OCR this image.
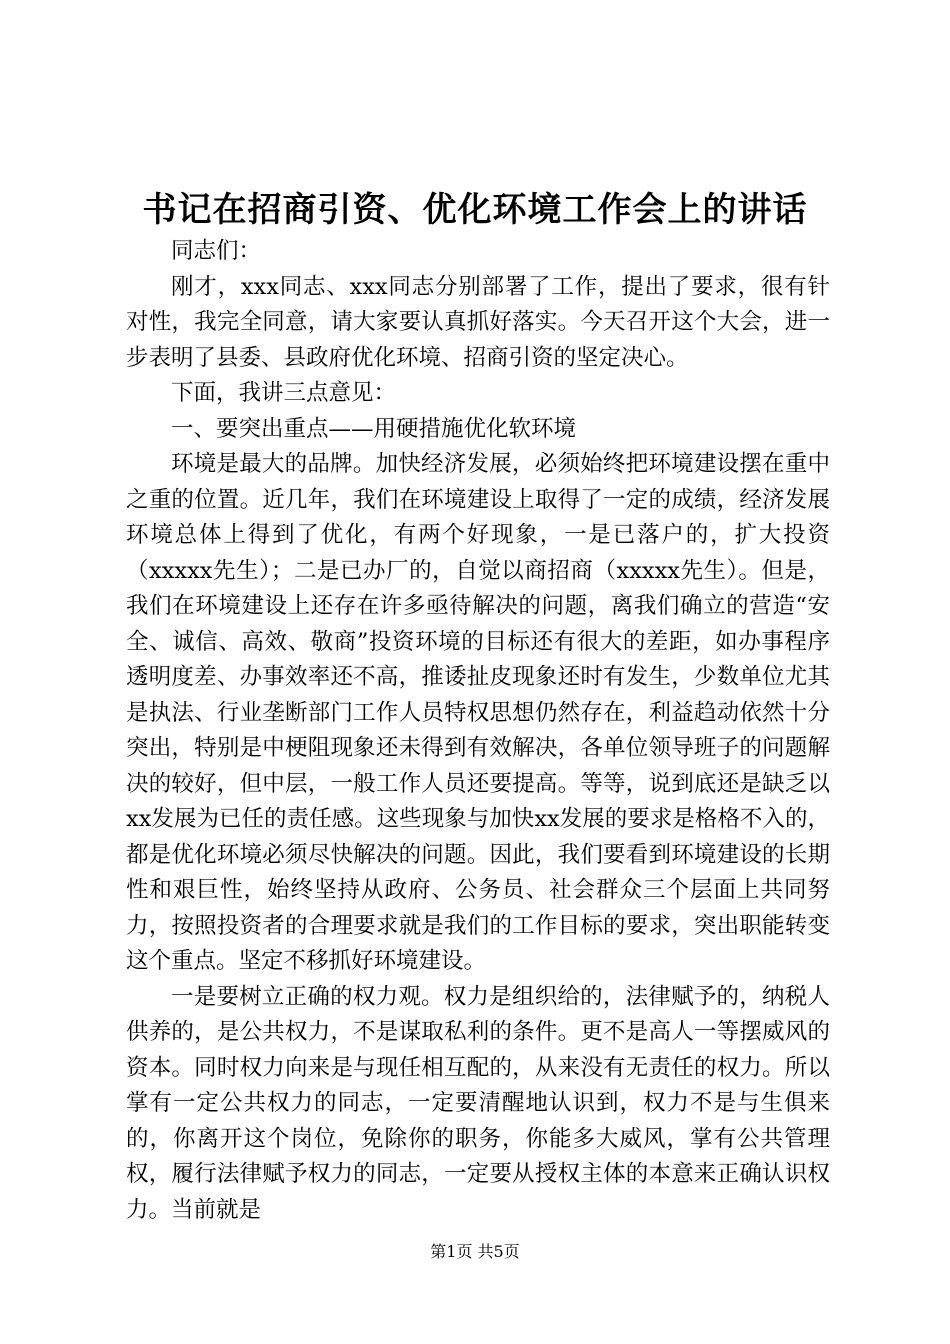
书记在招商引资、优化环境工作会上的讲话

同志们：

刚才，xxx同志、xxx同志分别部署了工作，提出了要求，很有针对性，我完全同意，请大家要认真抓好落实。今天召开这个大会，进一步表明了县委、县政府优化环境、招商引资的坚定决心。

下面，我讲三点意见：

一、要突出重点——用硬措施优化软环境

环境是最大的品牌。加快经济发展，必须始终把环境建设摆在重中之重的位置。近几年，我们在环境建设上取得了一定的成绩，经济发展环境总体上得到了优化，有两个好现象，一是已落户的，扩大投资（xxxxx先生）；二是已办厂的，自觉以商招商（xxxxx先生）。但是，我们在环境建设上还存在许多亟待解决的问题，离我们确立的营造“安全、诚信、高效、敬商”投资环境的目标还有很大的差距，如办事程序透明度差、办事效率还不高，推诿扯皮现象还时有发生，少数单位尤其是执法、行业垄断部门工作人员特权思想仍然存在，利益趋动依然十分突出，特别是中梗阻现象还未得到有效解决，各单位领导班子的问题解决的较好，但中层，一般工作人员还要提高。等等，说到底还是缺乏以xx发展为已任的责任感。这些现象与加快xx发展的要求是格格不入的，都是优化环境必须尽快解决的问题。因此，我们要看到环境建设的长期性和艰巨性，始终坚持从政府、公务员、社会群众三个层面上共同努力，按照投资者的合理要求就是我们的工作目标的要求，突出职能转变这个重点。坚定不移抓好环境建设。

一是要树立正确的权力观。权力是组织给的，法律赋予的，纳税人供养的，是公共权力，不是谋取私利的条件。更不是高人一等摆威风的资本。同时权力向来是与现任相互配的，从来没有无责任的权力。所以掌有一定公共权力的同志，一定要清醒地认识到，权力不是与生俱来的，你离开这个岗位，免除你的职务，你能多大威风，掌有公共管理权，履行法律赋予权力的同志，一定要从授权主体的本意来正确认识权力。当前就是

第1页 共5页
